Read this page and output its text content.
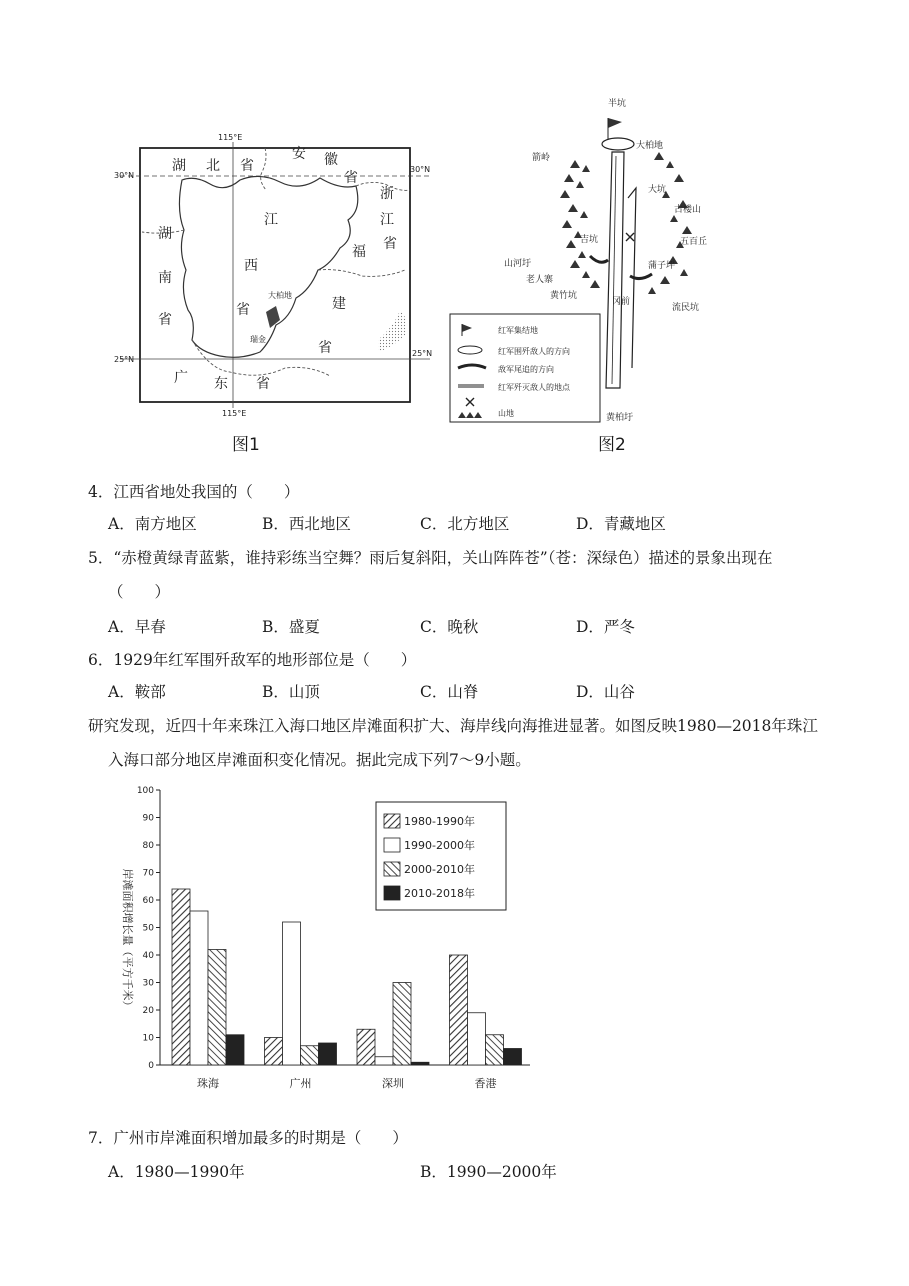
115°E
115°E
30°N
30°N
25°N
25°N
湖 北 省
安 徽
省
浙
江
省
江
西
省
湖
南
省
福
建
省
广 东 省
大柏地
瑞金
图1
半坑
大柏地
箭岭
大坑
古楼山
五百丘
吉坑
山河圩
老人寨
黄竹坑
蒲子坪
流民坑
冈前
黄柏圩
红军集结地
红军围歼敌人的方向
敌军尾追的方向
红军歼灭敌人的地点
山地
图2
4．江西省地处我国的（　　）
A．南方地区	B．西北地区	C．北方地区	D．青藏地区
5．“赤橙黄绿青蓝紫，谁持彩练当空舞？雨后复斜阳，关山阵阵苍”（苍：深绿色）描述的景象出现在
（　　）
A．早春	B．盛夏	C．晚秋	D．严冬
6．1929年红军围歼敌军的地形部位是（　　）
A．鞍部	B．山顶	C．山脊	D．山谷
研究发现，近四十年来珠江入海口地区岸滩面积扩大、海岸线向海推进显著。如图反映1980—2018年珠江
入海口部分地区岸滩面积变化情况。据此完成下列7～9小题。
0
10
20
30
40
50
60
70
80
90
100
珠海	广州	深圳	香港
1980-1990年
1990-2000年
2000-2010年
2010-2018年
岸滩面积增长量（平方千米）
7．广州市岸滩面积增加最多的时期是（　　）
A．1980—1990年	B．1990—2000年
